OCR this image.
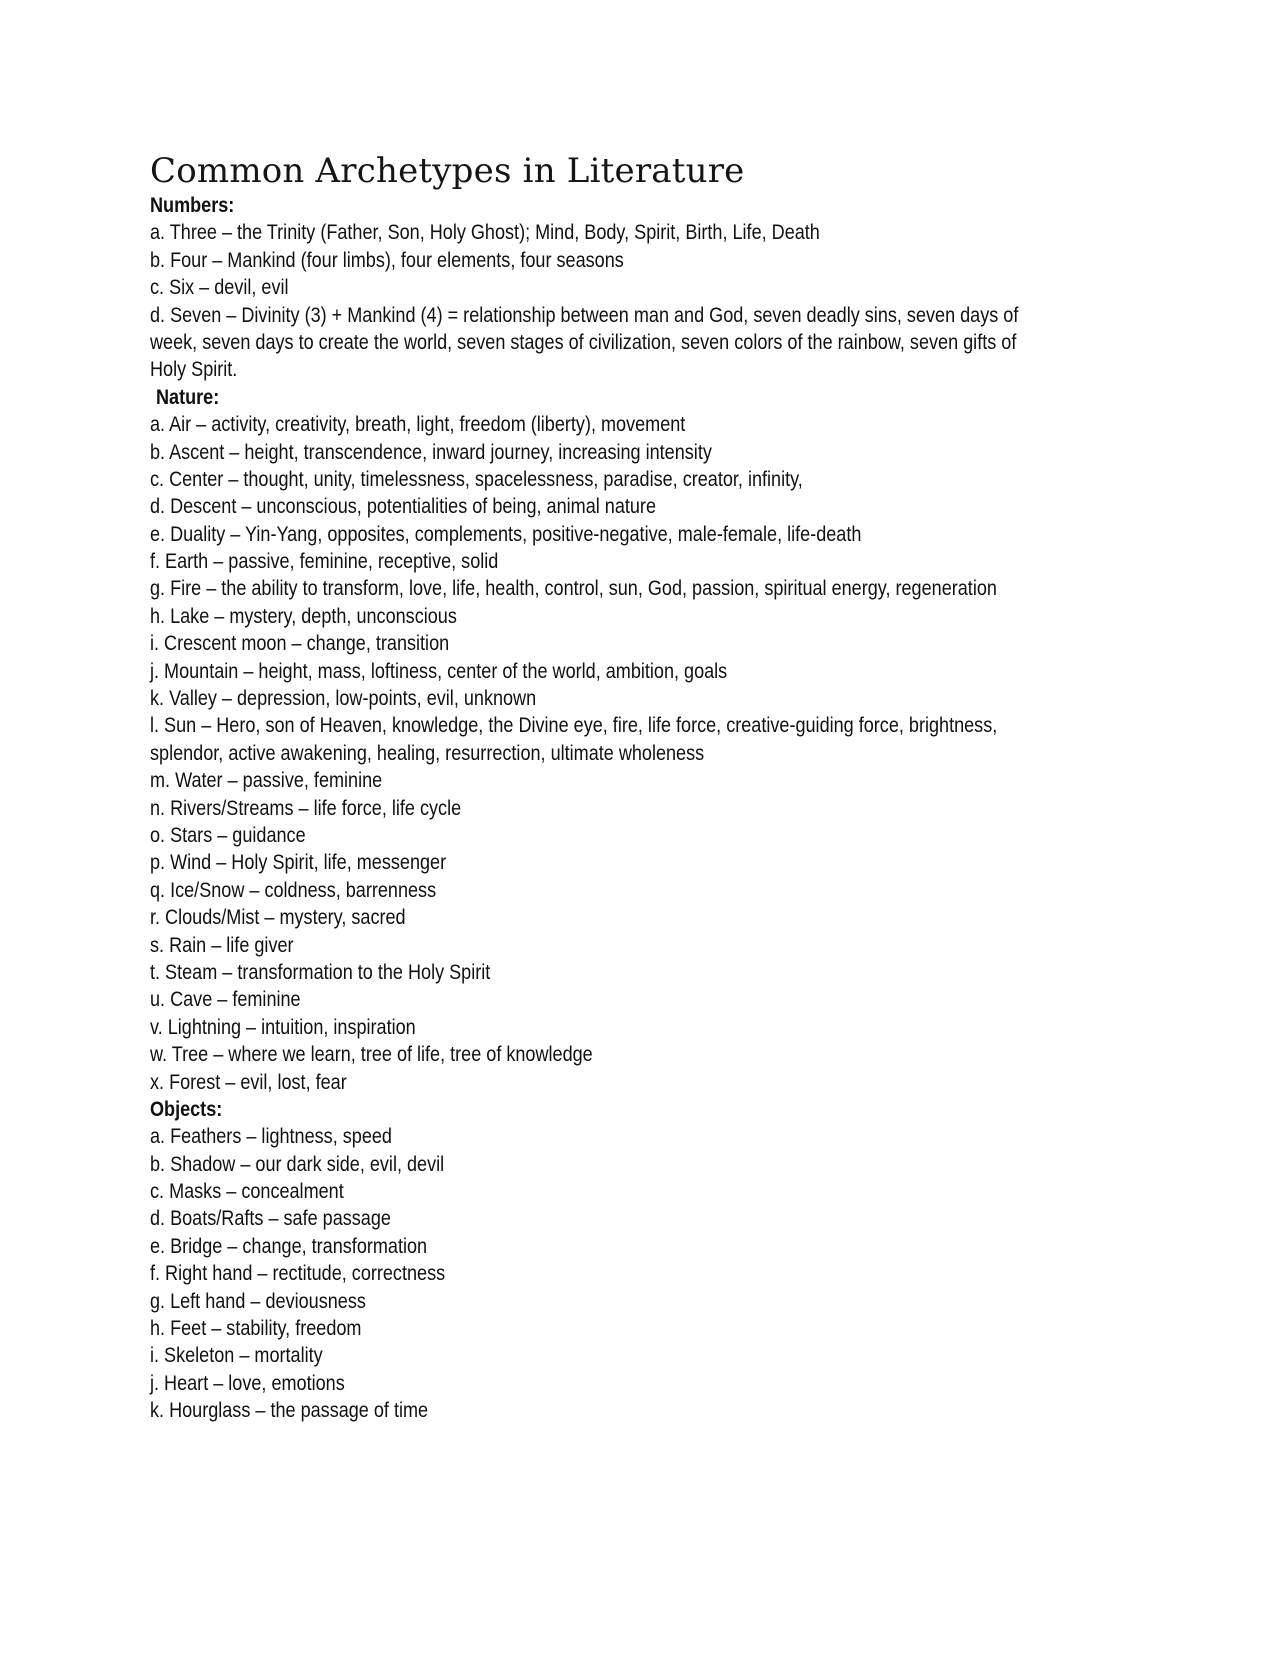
Common Archetypes in Literature
Numbers:
a. Three – the Trinity (Father, Son, Holy Ghost); Mind, Body, Spirit, Birth, Life, Death
b. Four – Mankind (four limbs), four elements, four seasons
c. Six – devil, evil
d. Seven – Divinity (3) + Mankind (4) = relationship between man and God, seven deadly sins, seven days of
week, seven days to create the world, seven stages of civilization, seven colors of the rainbow, seven gifts of
Holy Spirit.
Nature:
a. Air – activity, creativity, breath, light, freedom (liberty), movement
b. Ascent – height, transcendence, inward journey, increasing intensity
c. Center – thought, unity, timelessness, spacelessness, paradise, creator, infinity,
d. Descent – unconscious, potentialities of being, animal nature
e. Duality – Yin-Yang, opposites, complements, positive-negative, male-female, life-death
f. Earth – passive, feminine, receptive, solid
g. Fire – the ability to transform, love, life, health, control, sun, God, passion, spiritual energy, regeneration
h. Lake – mystery, depth, unconscious
i. Crescent moon – change, transition
j. Mountain – height, mass, loftiness, center of the world, ambition, goals
k. Valley – depression, low-points, evil, unknown
l. Sun – Hero, son of Heaven, knowledge, the Divine eye, fire, life force, creative-guiding force, brightness,
splendor, active awakening, healing, resurrection, ultimate wholeness
m. Water – passive, feminine
n. Rivers/Streams – life force, life cycle
o. Stars – guidance
p. Wind – Holy Spirit, life, messenger
q. Ice/Snow – coldness, barrenness
r. Clouds/Mist – mystery, sacred
s. Rain – life giver
t. Steam – transformation to the Holy Spirit
u. Cave – feminine
v. Lightning – intuition, inspiration
w. Tree – where we learn, tree of life, tree of knowledge
x. Forest – evil, lost, fear
Objects:
a. Feathers – lightness, speed
b. Shadow – our dark side, evil, devil
c. Masks – concealment
d. Boats/Rafts – safe passage
e. Bridge – change, transformation
f. Right hand – rectitude, correctness
g. Left hand – deviousness
h. Feet – stability, freedom
i. Skeleton – mortality
j. Heart – love, emotions
k. Hourglass – the passage of time
